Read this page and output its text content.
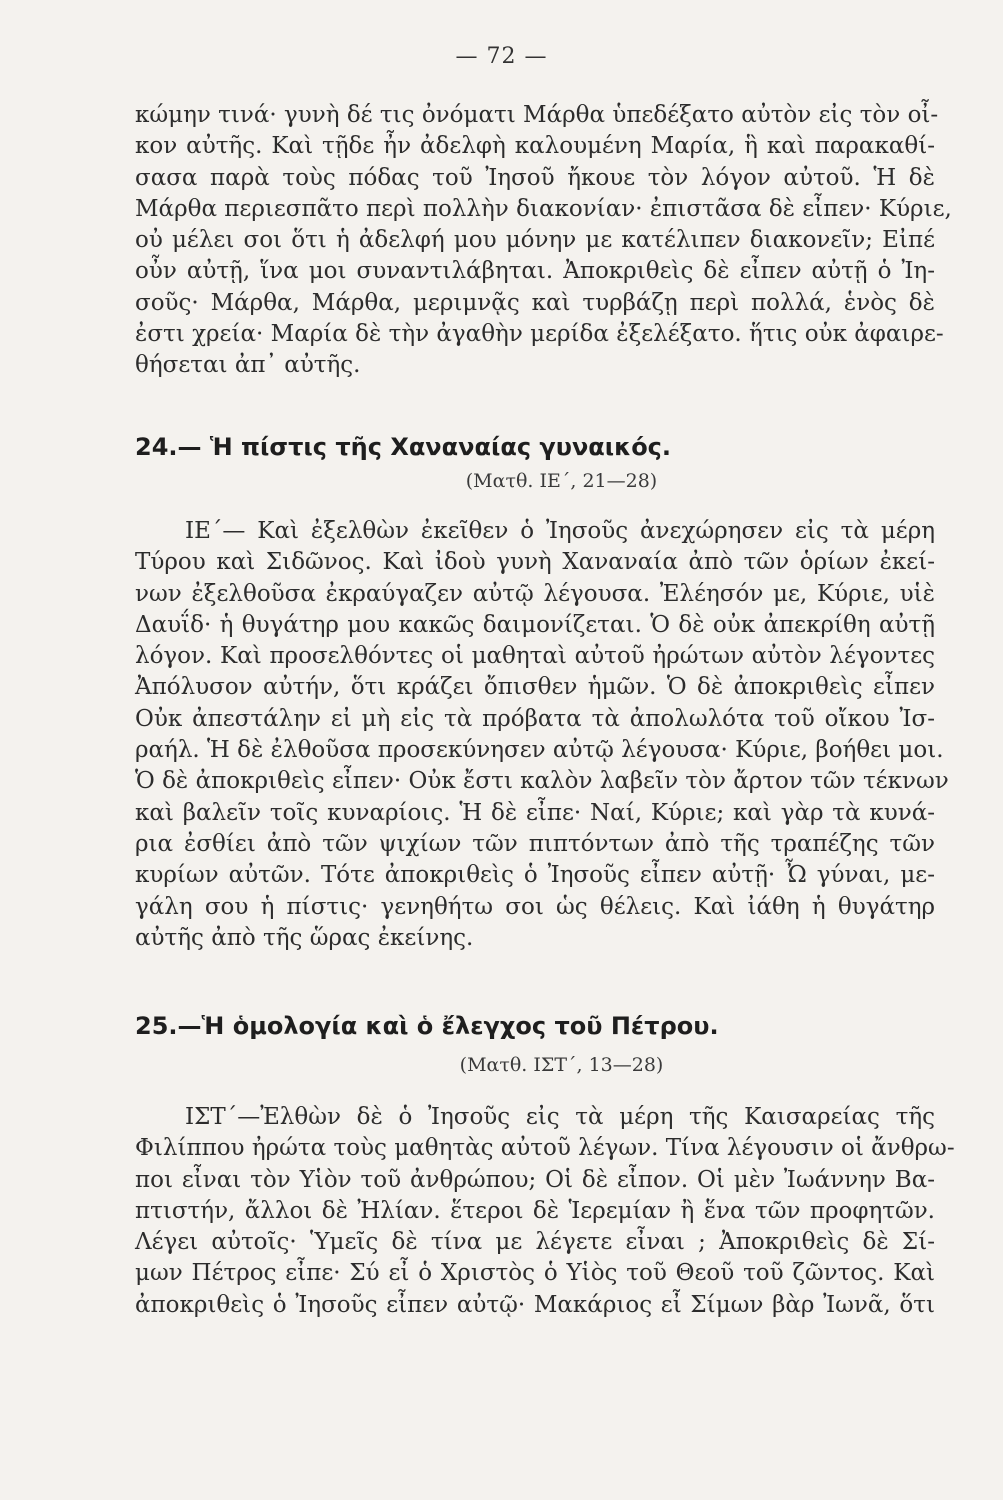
— 72 —
κώμην τινά· γυνὴ δέ τις ὀνόματι Μάρθα ὑπεδέξατο αὐτὸν εἰς τὸν οἶ-
κον αὐτῆς. Καὶ τῇδε ἦν ἀδελφὴ καλουμένη Μαρία, ἣ καὶ παρακαθί-
σασα παρὰ τοὺς πόδας τοῦ Ἰησοῦ ἤκουε τὸν λόγον αὐτοῦ. Ἡ δὲ
Μάρθα περιεσπᾶτο περὶ πολλὴν διακονίαν· ἐπιστᾶσα δὲ εἶπεν· Κύριε,
οὐ μέλει σοι ὅτι ἡ ἀδελφή μου μόνην με κατέλιπεν διακονεῖν; Εἰπέ
οὖν αὐτῇ, ἵνα μοι συναντιλάβηται. Ἀποκριθεὶς δὲ εἶπεν αὐτῇ ὁ Ἰη-
σοῦς· Μάρθα, Μάρθα, μεριμνᾷς καὶ τυρβάζῃ περὶ πολλά, ἑνὸς δὲ
ἐστι χρεία· Μαρία δὲ τὴν ἀγαθὴν μερίδα ἐξελέξατο. ἥτις οὐκ ἀφαιρε-
θήσεται ἀπ᾽ αὐτῆς.
24.— Ἡ πίστις τῆς Χαναναίας γυναικός.
(Ματθ. ΙΕ΄, 21—28)
ΙΕ΄— Καὶ ἐξελθὼν ἐκεῖθεν ὁ Ἰησοῦς ἀνεχώρησεν εἰς τὰ μέρη
Τύρου καὶ Σιδῶνος. Καὶ ἰδοὺ γυνὴ Χαναναία ἀπὸ τῶν ὁρίων ἐκεί-
νων ἐξελθοῦσα ἐκραύγαζεν αὐτῷ λέγουσα. Ἐλέησόν με, Κύριε, υἱὲ
Δαυΐδ· ἡ θυγάτηρ μου κακῶς δαιμονίζεται. Ὁ δὲ οὐκ ἀπεκρίθη αὐτῇ
λόγον. Καὶ προσελθόντες οἱ μαθηταὶ αὐτοῦ ἠρώτων αὐτὸν λέγοντες
Ἀπόλυσον αὐτήν, ὅτι κράζει ὄπισθεν ἡμῶν. Ὁ δὲ ἀποκριθεὶς εἶπεν
Οὐκ ἀπεστάλην εἰ μὴ εἰς τὰ πρόβατα τὰ ἀπολωλότα τοῦ οἴκου Ἰσ-
ραήλ. Ἡ δὲ ἐλθοῦσα προσεκύνησεν αὐτῷ λέγουσα· Κύριε, βοήθει μοι.
Ὁ δὲ ἀποκριθεὶς εἶπεν· Οὐκ ἔστι καλὸν λαβεῖν τὸν ἄρτον τῶν τέκνων
καὶ βαλεῖν τοῖς κυναρίοις. Ἡ δὲ εἶπε· Ναί, Κύριε; καὶ γὰρ τὰ κυνά-
ρια ἐσθίει ἀπὸ τῶν ψιχίων τῶν πιπτόντων ἀπὸ τῆς τραπέζης τῶν
κυρίων αὐτῶν. Τότε ἀποκριθεὶς ὁ Ἰησοῦς εἶπεν αὐτῇ· Ὦ γύναι, με-
γάλη σου ἡ πίστις· γενηθήτω σοι ὡς θέλεις. Καὶ ἰάθη ἡ θυγάτηρ
αὐτῆς ἀπὸ τῆς ὥρας ἐκείνης.
25.—Ἡ ὁμολογία καὶ ὁ ἔλεγχος τοῦ Πέτρου.
(Ματθ. ΙΣΤ΄, 13—28)
ΙΣΤ΄—Ἐλθὼν δὲ ὁ Ἰησοῦς εἰς τὰ μέρη τῆς Καισαρείας τῆς
Φιλίππου ἠρώτα τοὺς μαθητὰς αὐτοῦ λέγων. Τίνα λέγουσιν οἱ ἄνθρω-
ποι εἶναι τὸν Υἱὸν τοῦ ἀνθρώπου; Οἱ δὲ εἶπον. Οἱ μὲν Ἰωάννην Βα-
πτιστήν, ἄλλοι δὲ Ἠλίαν. ἕτεροι δὲ Ἱερεμίαν ἢ ἕνα τῶν προφητῶν.
Λέγει αὐτοῖς· Ὑμεῖς δὲ τίνα με λέγετε εἶναι ; Ἀποκριθεὶς δὲ Σί-
μων Πέτρος εἶπε· Σύ εἶ ὁ Χριστὸς ὁ Υἱὸς τοῦ Θεοῦ τοῦ ζῶντος. Καὶ
ἀποκριθεὶς ὁ Ἰησοῦς εἶπεν αὐτῷ· Μακάριος εἶ Σίμων βὰρ Ἰωνᾶ, ὅτι
